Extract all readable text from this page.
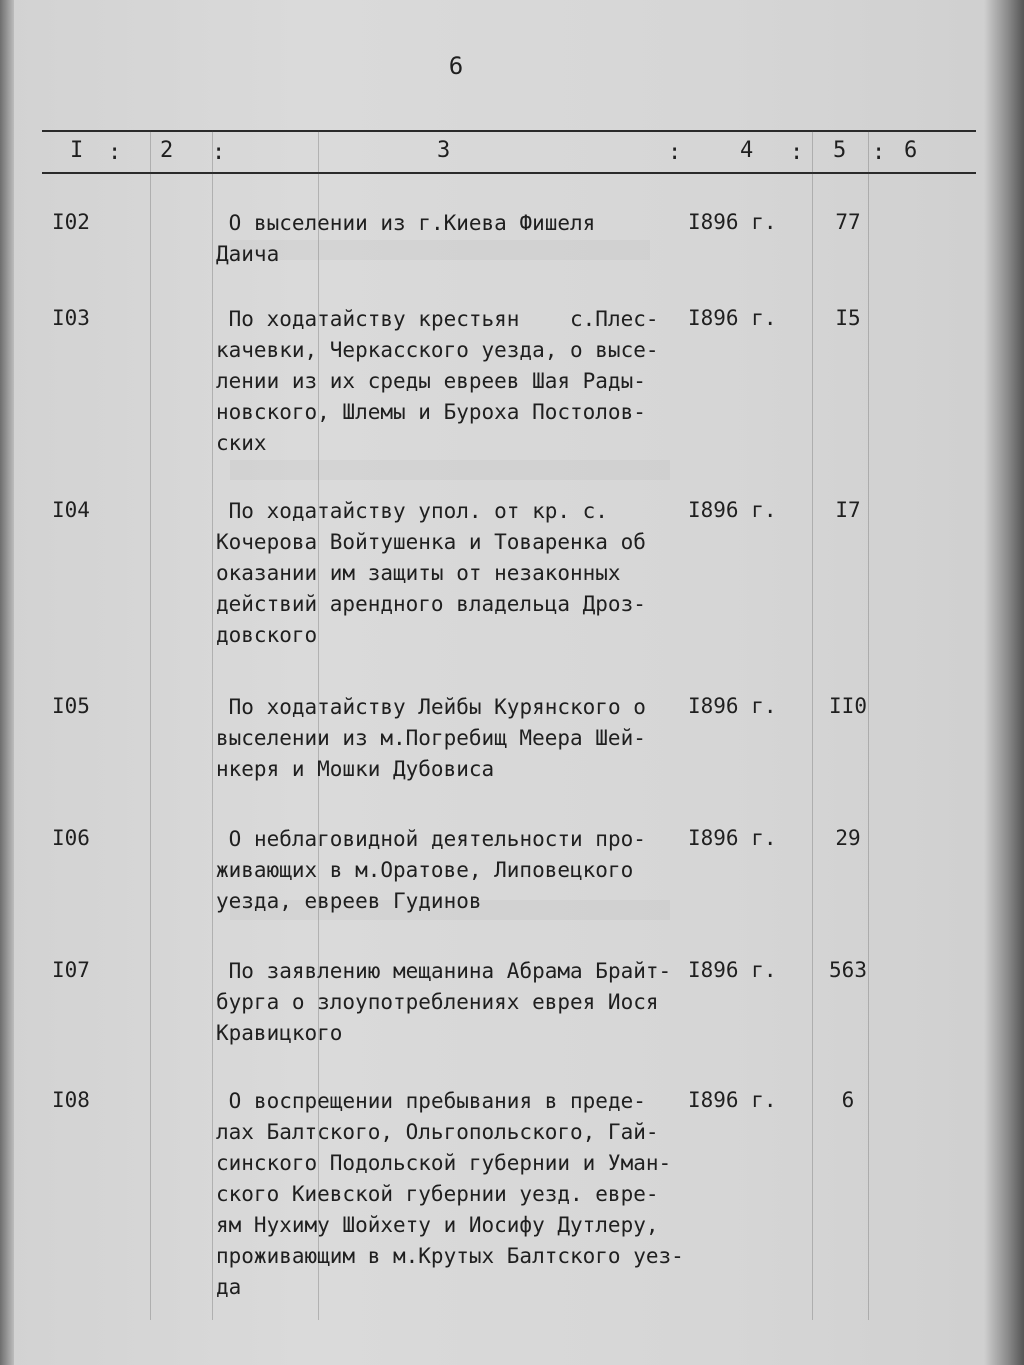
6
I : 2 :	3	:	4 : 5 : 6
I02	О выселении из г.Киева Фишеля
Даича
I896 г.	77
I03	По ходатайству крестьян    с.Плес-
качевки, Черкасского уезда, о высе-
лении из их среды евреев Шая Рады-
новского, Шлемы и Буроха Постолов-
ских
I896 г.	I5
I04	По ходатайству упол. от кр. с.
Кочерова Войтушенка и Товаренка об
оказании им защиты от незаконных
действий арендного владельца Дроз-
довского
I896 г.	I7
I05	По ходатайству Лейбы Курянского о
выселении из м.Погребищ Меера Шей-
нкеря и Мошки Дубовиса
I896 г.	II0
I06	О неблаговидной деятельности про-
живающих в м.Оратове, Липовецкого
уезда, евреев Гудинов
I896 г.	29
I07	По заявлению мещанина Абрама Брайт-
бурга о злоупотреблениях еврея Иося
Кравицкого
I896 г.	563
I08	О воспрещении пребывания в преде-
лах Балтского, Ольгопольского, Гай-
синского Подольской губернии и Уман-
ского Киевской губернии уезд. евре-
ям Нухиму Шойхету и Иосифу Дутлеру,
проживающим в м.Крутых Балтского уез-
да
I896 г.	6
